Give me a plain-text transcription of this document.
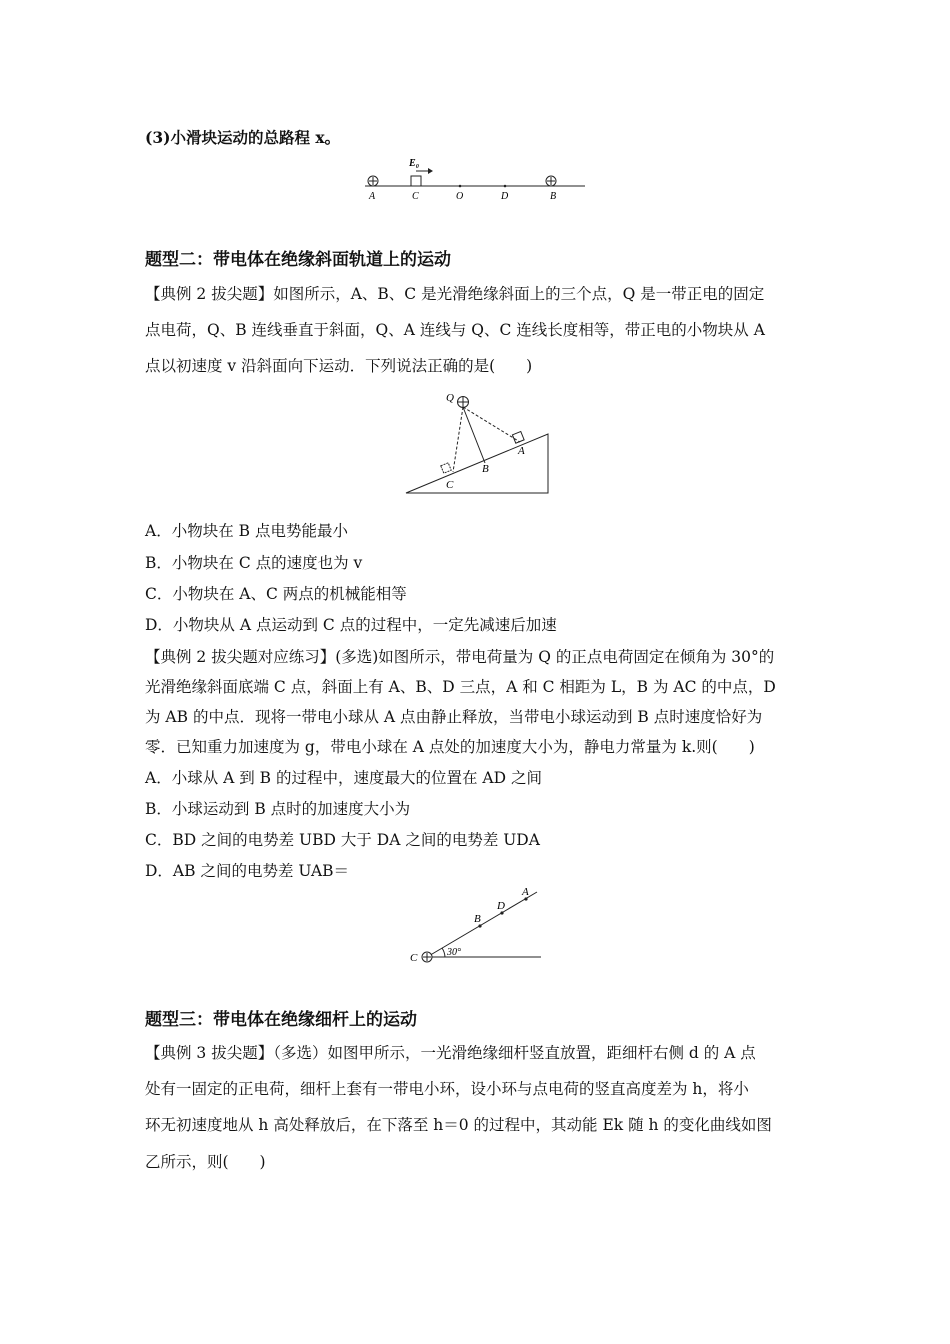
(3)小滑块运动的总路程 x。
E₀
A	C	O	D	B
题型二：带电体在绝缘斜面轨道上的运动
【典例 2 拔尖题】如图所示，A、B、C 是光滑绝缘斜面上的三个点，Q 是一带正电的固定
点电荷，Q、B 连线垂直于斜面，Q、A 连线与 Q、C 连线长度相等，带正电的小物块从 A
点以初速度 v 沿斜面向下运动．下列说法正确的是(　　)
Q
A
B
C
A．小物块在 B 点电势能最小
B．小物块在 C 点的速度也为 v
C．小物块在 A、C 两点的机械能相等
D．小物块从 A 点运动到 C 点的过程中，一定先减速后加速
【典例 2 拔尖题对应练习】(多选)如图所示，带电荷量为 Q 的正点电荷固定在倾角为 30°的
光滑绝缘斜面底端 C 点，斜面上有 A、B、D 三点，A 和 C 相距为 L，B 为 AC 的中点，D
为 AB 的中点．现将一带电小球从 A 点由静止释放，当带电小球运动到 B 点时速度恰好为
零．已知重力加速度为 g，带电小球在 A 点处的加速度大小为，静电力常量为 k.则(　　)
A．小球从 A 到 B 的过程中，速度最大的位置在 AD 之间
B．小球运动到 B 点时的加速度大小为
C．BD 之间的电势差 UBD 大于 DA 之间的电势差 UDA
D．AB 之间的电势差 UAB＝
A
D
B
C	30°
题型三：带电体在绝缘细杆上的运动
【典例 3 拔尖题】（多选）如图甲所示，一光滑绝缘细杆竖直放置，距细杆右侧 d 的 A 点
处有一固定的正电荷，细杆上套有一带电小环，设小环与点电荷的竖直高度差为 h，将小
环无初速度地从 h 高处释放后，在下落至 h＝0 的过程中，其动能 Ek 随 h 的变化曲线如图
乙所示，则(　　)
